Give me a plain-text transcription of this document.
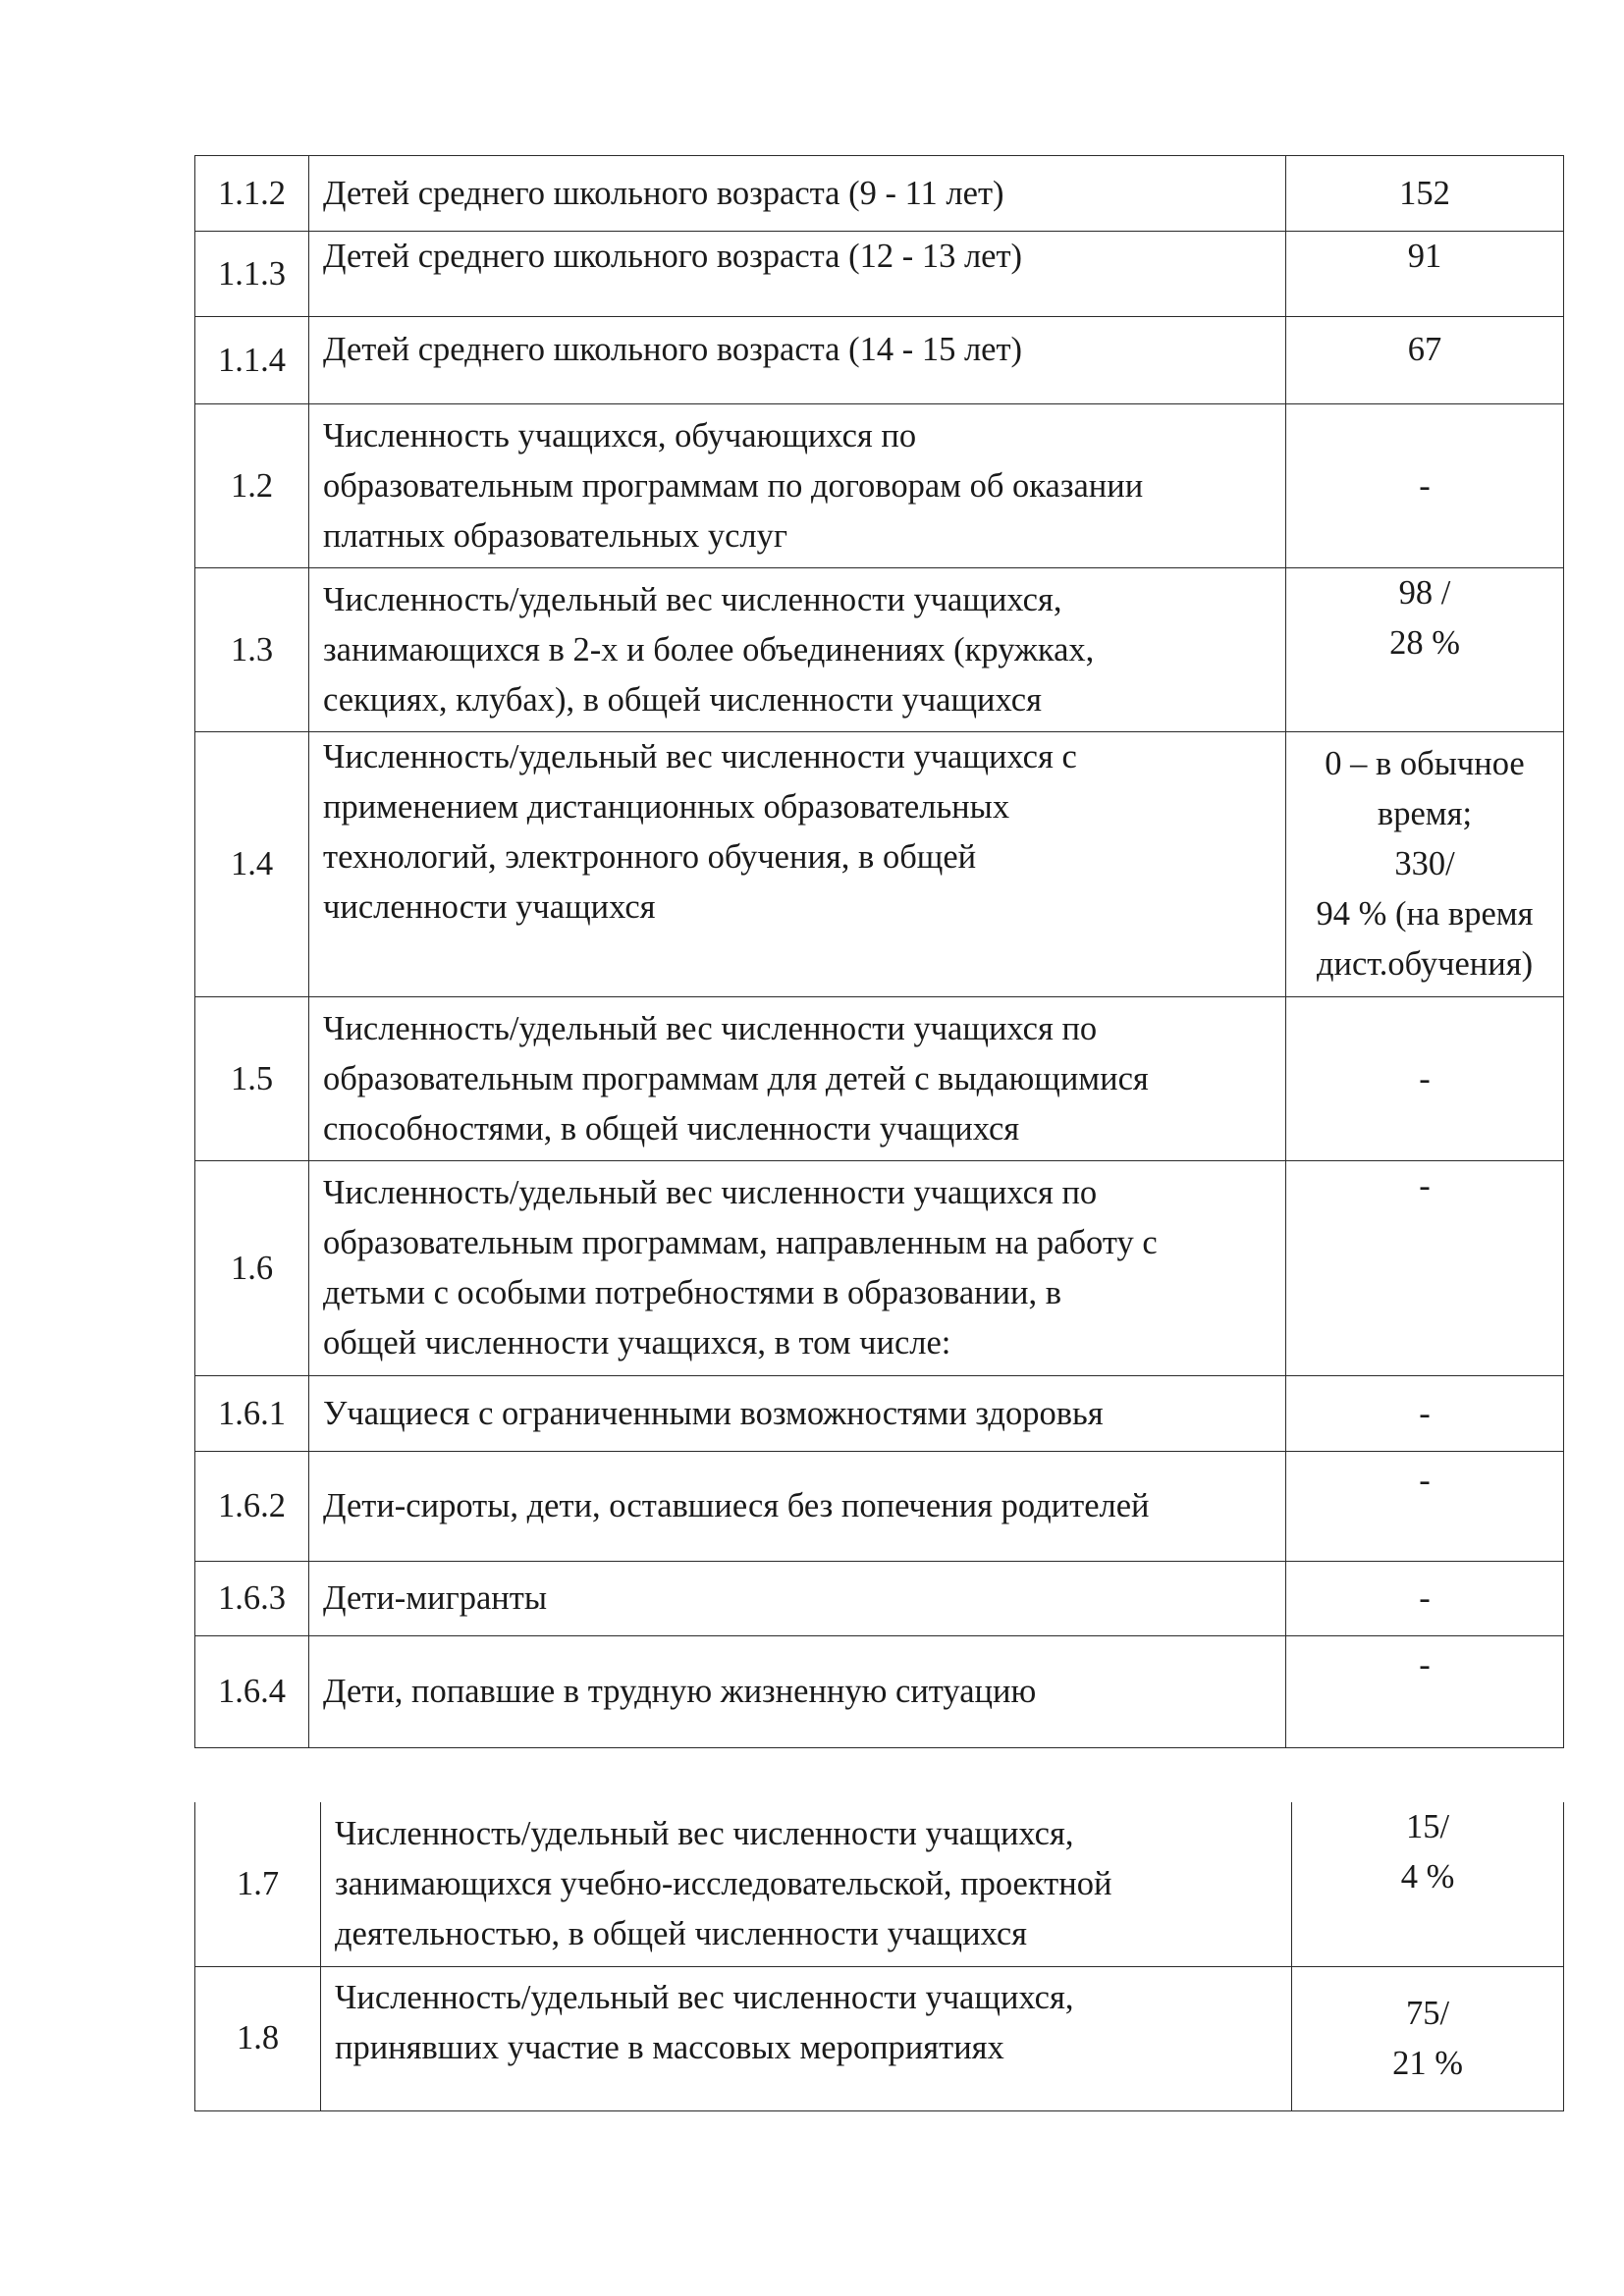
1.1.2	Детей среднего школьного возраста (9 - 11 лет)	152

1.1.3	Детей среднего школьного возраста (12 - 13 лет)	91

1.1.4	Детей среднего школьного возраста (14 - 15 лет)	67

1.2	Численность учащихся, обучающихся по
образовательным программам по договорам об оказании
платных образовательных услуг	-

1.3	Численность/удельный вес численности учащихся,
занимающихся в 2-х и более объединениях (кружках,
секциях, клубах), в общей численности учащихся	98 /
28 %

1.4	Численность/удельный вес численности учащихся с
применением дистанционных образовательных
технологий, электронного обучения, в общей
численности учащихся	0 – в обычное
время;
330/
94 % (на время
дист.обучения)

1.5	Численность/удельный вес численности учащихся по
образовательным программам для детей с выдающимися
способностями, в общей численности учащихся	-

1.6	Численность/удельный вес численности учащихся по
образовательным программам, направленным на работу с
детьми с особыми потребностями в образовании, в
общей численности учащихся, в том числе:	-

1.6.1	Учащиеся с ограниченными возможностями здоровья	-

1.6.2	Дети-сироты, дети, оставшиеся без попечения родителей	-

1.6.3	Дети-мигранты	-

1.6.4	Дети, попавшие в трудную жизненную ситуацию	-
1.7	Численность/удельный вес численности учащихся,
занимающихся учебно-исследовательской, проектной
деятельностью, в общей численности учащихся	15/
4 %

1.8	Численность/удельный вес численности учащихся,
принявших участие в массовых мероприятиях	75/
21 %
